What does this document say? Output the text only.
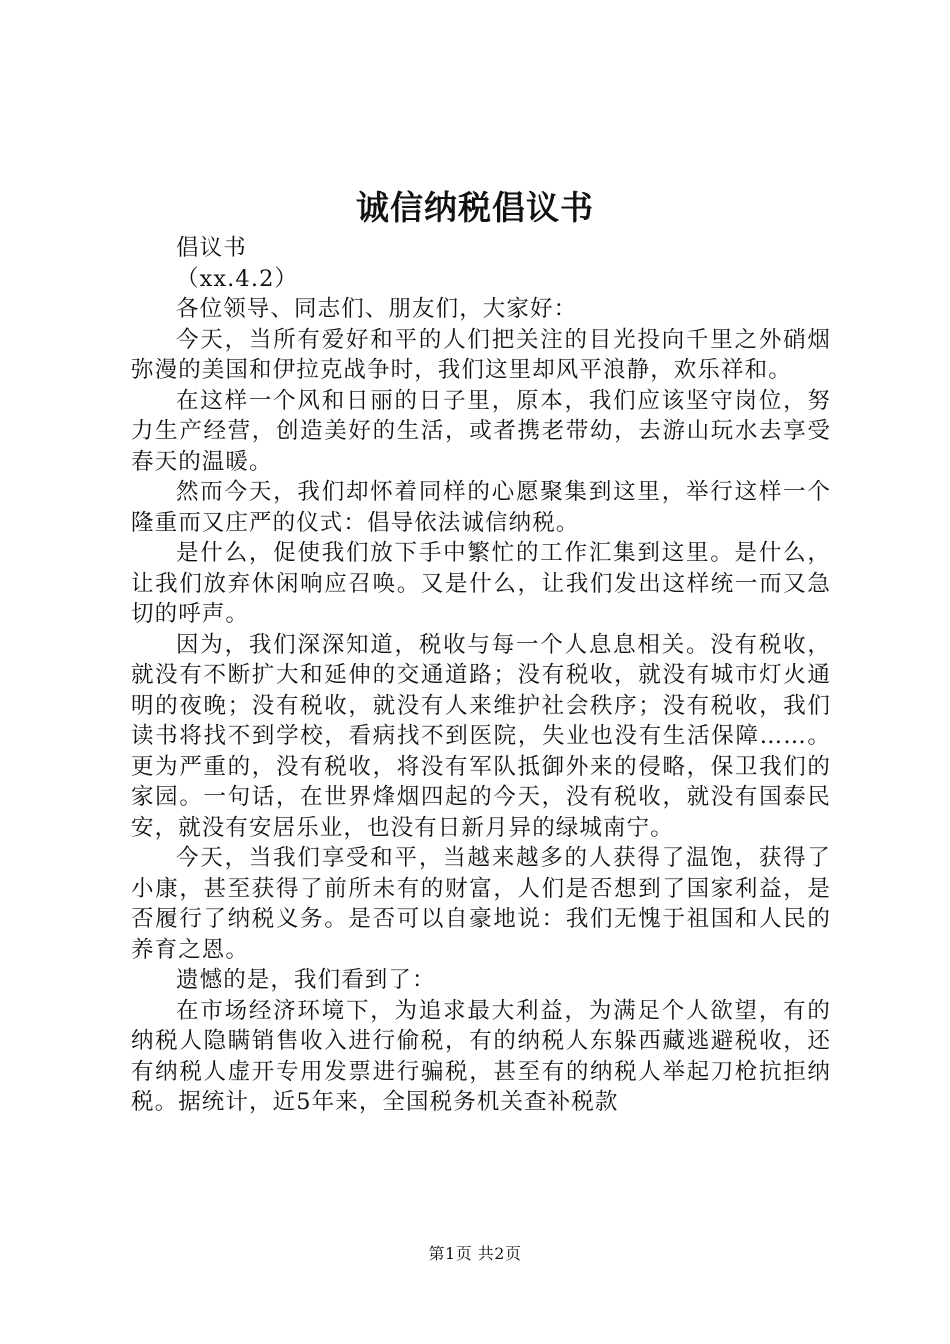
诚信纳税倡议书

倡议书

（xx.4.2）

各位领导、同志们、朋友们，大家好：

今天，当所有爱好和平的人们把关注的目光投向千里之外硝烟弥漫的美国和伊拉克战争时，我们这里却风平浪静，欢乐祥和。

在这样一个风和日丽的日子里，原本，我们应该坚守岗位，努力生产经营，创造美好的生活，或者携老带幼，去游山玩水去享受春天的温暖。

然而今天，我们却怀着同样的心愿聚集到这里，举行这样一个隆重而又庄严的仪式：倡导依法诚信纳税。

是什么，促使我们放下手中繁忙的工作汇集到这里。是什么，让我们放弃休闲响应召唤。又是什么，让我们发出这样统一而又急切的呼声。

因为，我们深深知道，税收与每一个人息息相关。没有税收，就没有不断扩大和延伸的交通道路；没有税收，就没有城市灯火通明的夜晚；没有税收，就没有人来维护社会秩序；没有税收，我们读书将找不到学校，看病找不到医院，失业也没有生活保障……。更为严重的，没有税收，将没有军队抵御外来的侵略，保卫我们的家园。一句话，在世界烽烟四起的今天，没有税收，就没有国泰民安，就没有安居乐业，也没有日新月异的绿城南宁。

今天，当我们享受和平，当越来越多的人获得了温饱，获得了小康，甚至获得了前所未有的财富，人们是否想到了国家利益，是否履行了纳税义务。是否可以自豪地说：我们无愧于祖国和人民的养育之恩。

遗憾的是，我们看到了：

在市场经济环境下，为追求最大利益，为满足个人欲望，有的纳税人隐瞒销售收入进行偷税，有的纳税人东躲西藏逃避税收，还有纳税人虚开专用发票进行骗税，甚至有的纳税人举起刀枪抗拒纳税。据统计，近5年来，全国税务机关查补税款

第1页 共2页
